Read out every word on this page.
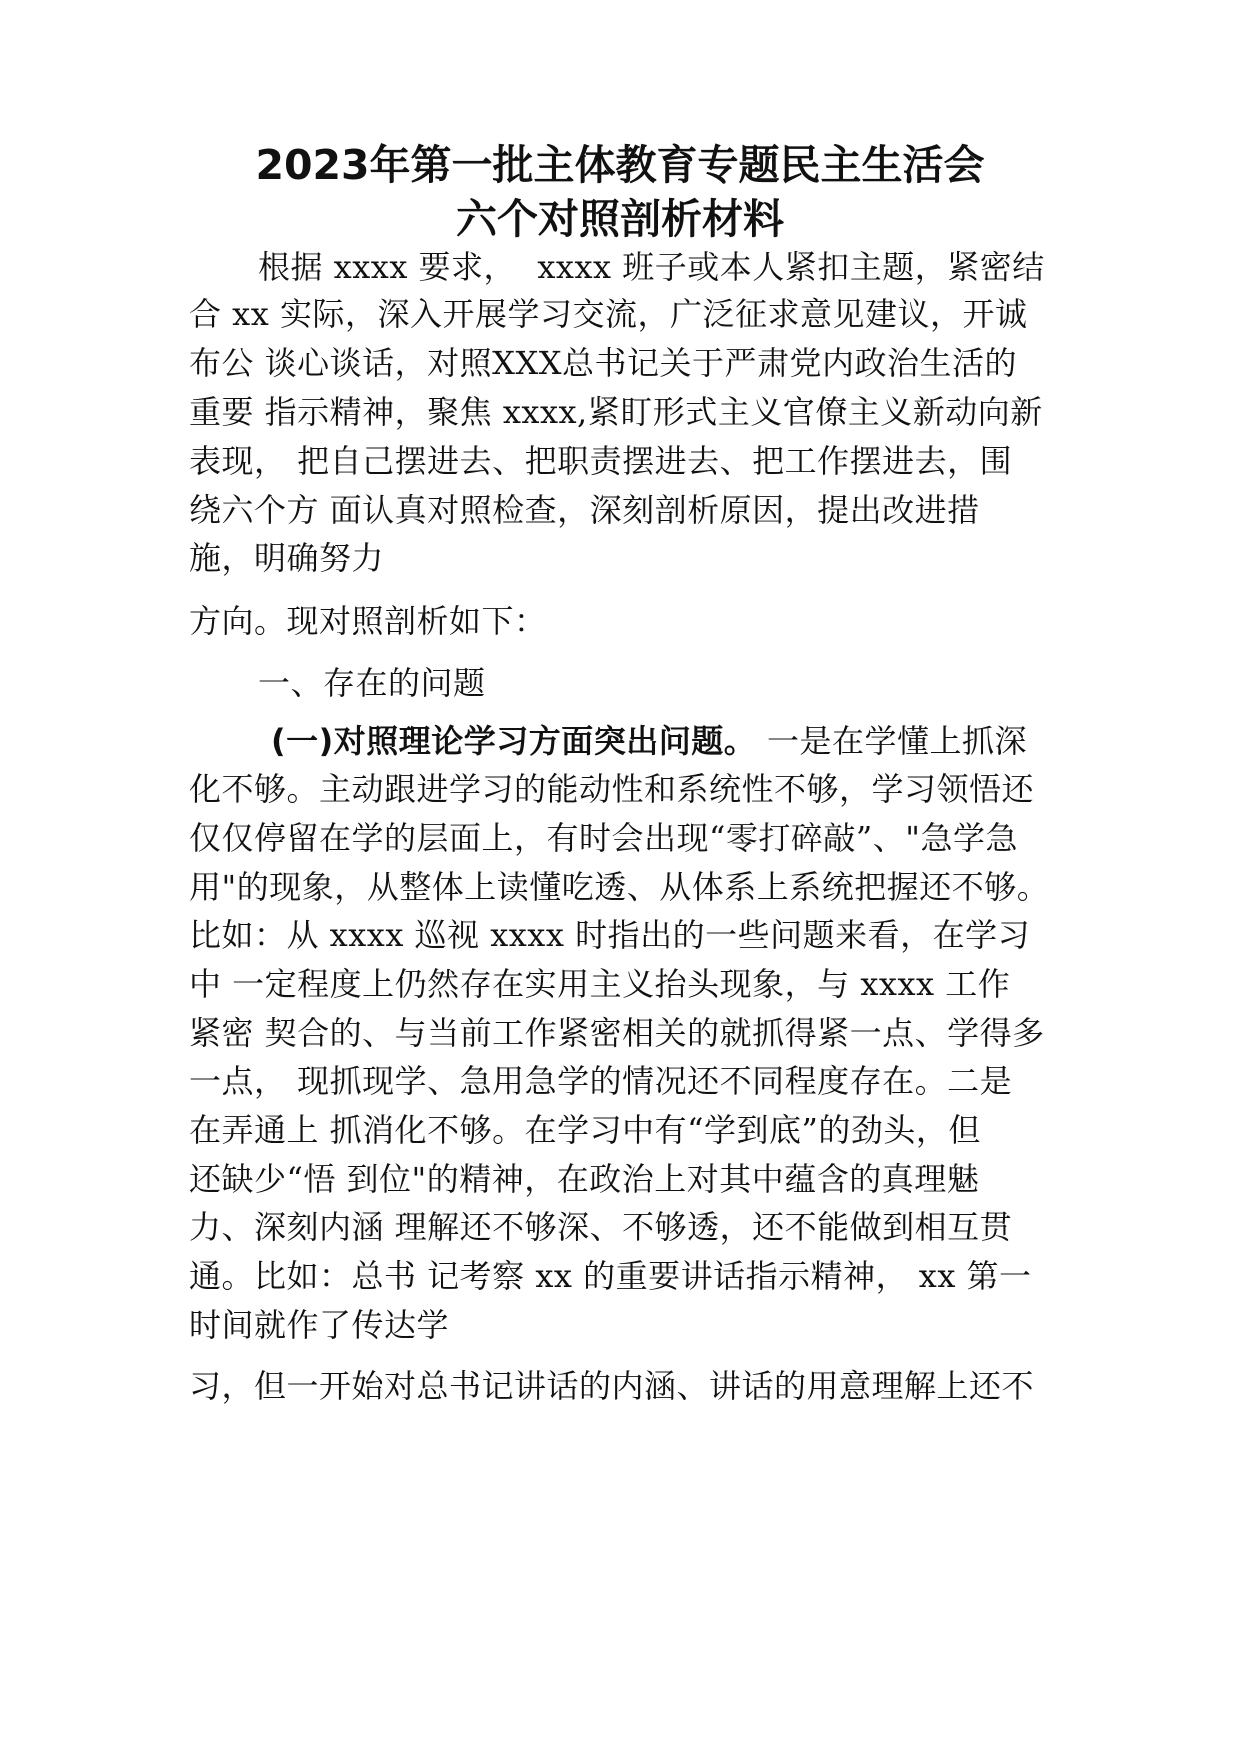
2023年第一批主体教育专题民主生活会
六个对照剖析材料
根据 xxxx 要求，  xxxx 班子或本人紧扣主题，紧密结
合 xx 实际，深入开展学习交流，广泛征求意见建议，开诚
布公 谈心谈话，对照XXX总书记关于严肃党内政治生活的
重要 指示精神，聚焦 xxxx,紧盯形式主义官僚主义新动向新
表现， 把自己摆进去、把职责摆进去、把工作摆进去，围
绕六个方 面认真对照检查，深刻剖析原因，提出改进措
施，明确努力
方向。现对照剖析如下：
一、存在的问题
(一)对照理论学习方面突出问题。 一是在学懂上抓深
化不够。主动跟进学习的能动性和系统性不够，学习领悟还
仅仅停留在学的层面上，有时会出现“零打碎敲”、"急学急
用"的现象，从整体上读懂吃透、从体系上系统把握还不够。
比如：从 xxxx 巡视 xxxx 时指出的一些问题来看，在学习
中 一定程度上仍然存在实用主义抬头现象，与 xxxx 工作
紧密 契合的、与当前工作紧密相关的就抓得紧一点、学得多
一点， 现抓现学、急用急学的情况还不同程度存在。二是
在弄通上 抓消化不够。在学习中有“学到底”的劲头，但
还缺少“悟 到位"的精神，在政治上对其中蕴含的真理魅
力、深刻内涵 理解还不够深、不够透，还不能做到相互贯
通。比如：总书 记考察 xx 的重要讲话指示精神， xx 第一
时间就作了传达学
习，但一开始对总书记讲话的内涵、讲话的用意理解上还不
